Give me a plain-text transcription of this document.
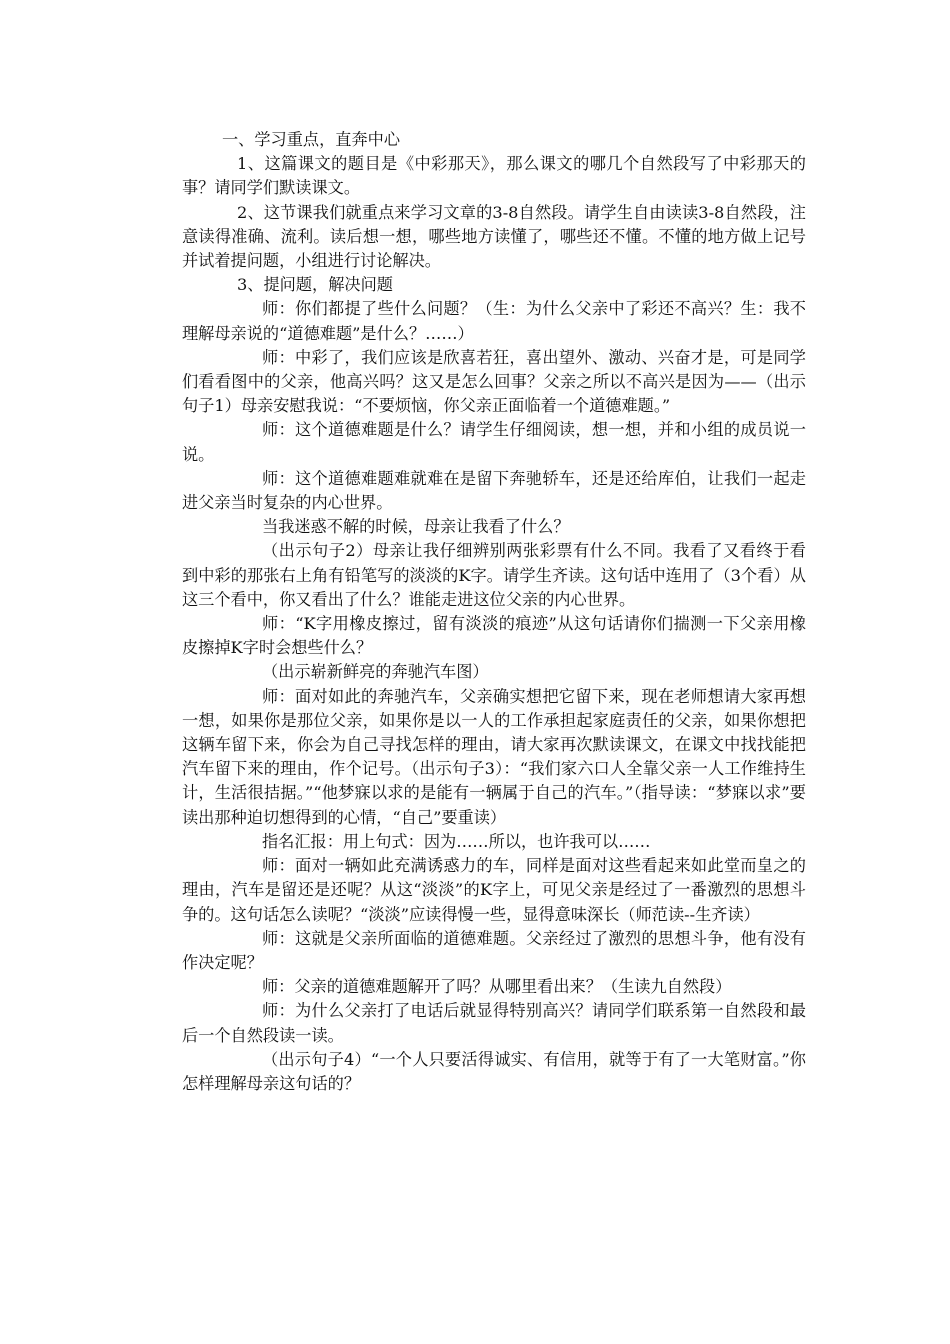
一、学习重点，直奔中心

1、这篇课文的题目是《中彩那天》，那么课文的哪几个自然段写了中彩那天的事？请同学们默读课文。

2、这节课我们就重点来学习文章的3-8自然段。请学生自由读读3-8自然段，注意读得准确、流利。读后想一想，哪些地方读懂了，哪些还不懂。不懂的地方做上记号并试着提问题，小组进行讨论解决。

3、提问题，解决问题

师：你们都提了些什么问题？（生：为什么父亲中了彩还不高兴？生：我不理解母亲说的“道德难题”是什么？……）

师：中彩了，我们应该是欣喜若狂，喜出望外、激动、兴奋才是，可是同学们看看图中的父亲，他高兴吗？这又是怎么回事？父亲之所以不高兴是因为——（出示句子1）母亲安慰我说：“不要烦恼，你父亲正面临着一个道德难题。”

师：这个道德难题是什么？请学生仔细阅读，想一想，并和小组的成员说一说。

师：这个道德难题难就难在是留下奔驰轿车，还是还给库伯，让我们一起走进父亲当时复杂的内心世界。

当我迷惑不解的时候，母亲让我看了什么？

（出示句子2）母亲让我仔细辨别两张彩票有什么不同。我看了又看终于看到中彩的那张右上角有铅笔写的淡淡的K字。请学生齐读。这句话中连用了（3个看）从这三个看中，你又看出了什么？谁能走进这位父亲的内心世界。

师：“K字用橡皮擦过，留有淡淡的痕迹”从这句话请你们揣测一下父亲用橡皮擦掉K字时会想些什么？

（出示崭新鲜亮的奔驰汽车图）

师：面对如此的奔驰汽车，父亲确实想把它留下来，现在老师想请大家再想一想，如果你是那位父亲，如果你是以一人的工作承担起家庭责任的父亲，如果你想把这辆车留下来，你会为自己寻找怎样的理由，请大家再次默读课文，在课文中找找能把汽车留下来的理由，作个记号。（出示句子3）：“我们家六口人全靠父亲一人工作维持生计，生活很拮据。”“他梦寐以求的是能有一辆属于自己的汽车。”（指导读：“梦寐以求”要读出那种迫切想得到的心情，“自己”要重读）

指名汇报：用上句式：因为……所以，也许我可以……

师：面对一辆如此充满诱惑力的车，同样是面对这些看起来如此堂而皇之的理由，汽车是留还是还呢？从这“淡淡”的K字上，可见父亲是经过了一番激烈的思想斗争的。这句话怎么读呢？“淡淡”应读得慢一些，显得意味深长（师范读--生齐读）

师：这就是父亲所面临的道德难题。父亲经过了激烈的思想斗争，他有没有作决定呢？

师：父亲的道德难题解开了吗？从哪里看出来？（生读九自然段）

师：为什么父亲打了电话后就显得特别高兴？请同学们联系第一自然段和最后一个自然段读一读。

（出示句子4）“一个人只要活得诚实、有信用，就等于有了一大笔财富。”你怎样理解母亲这句话的？
